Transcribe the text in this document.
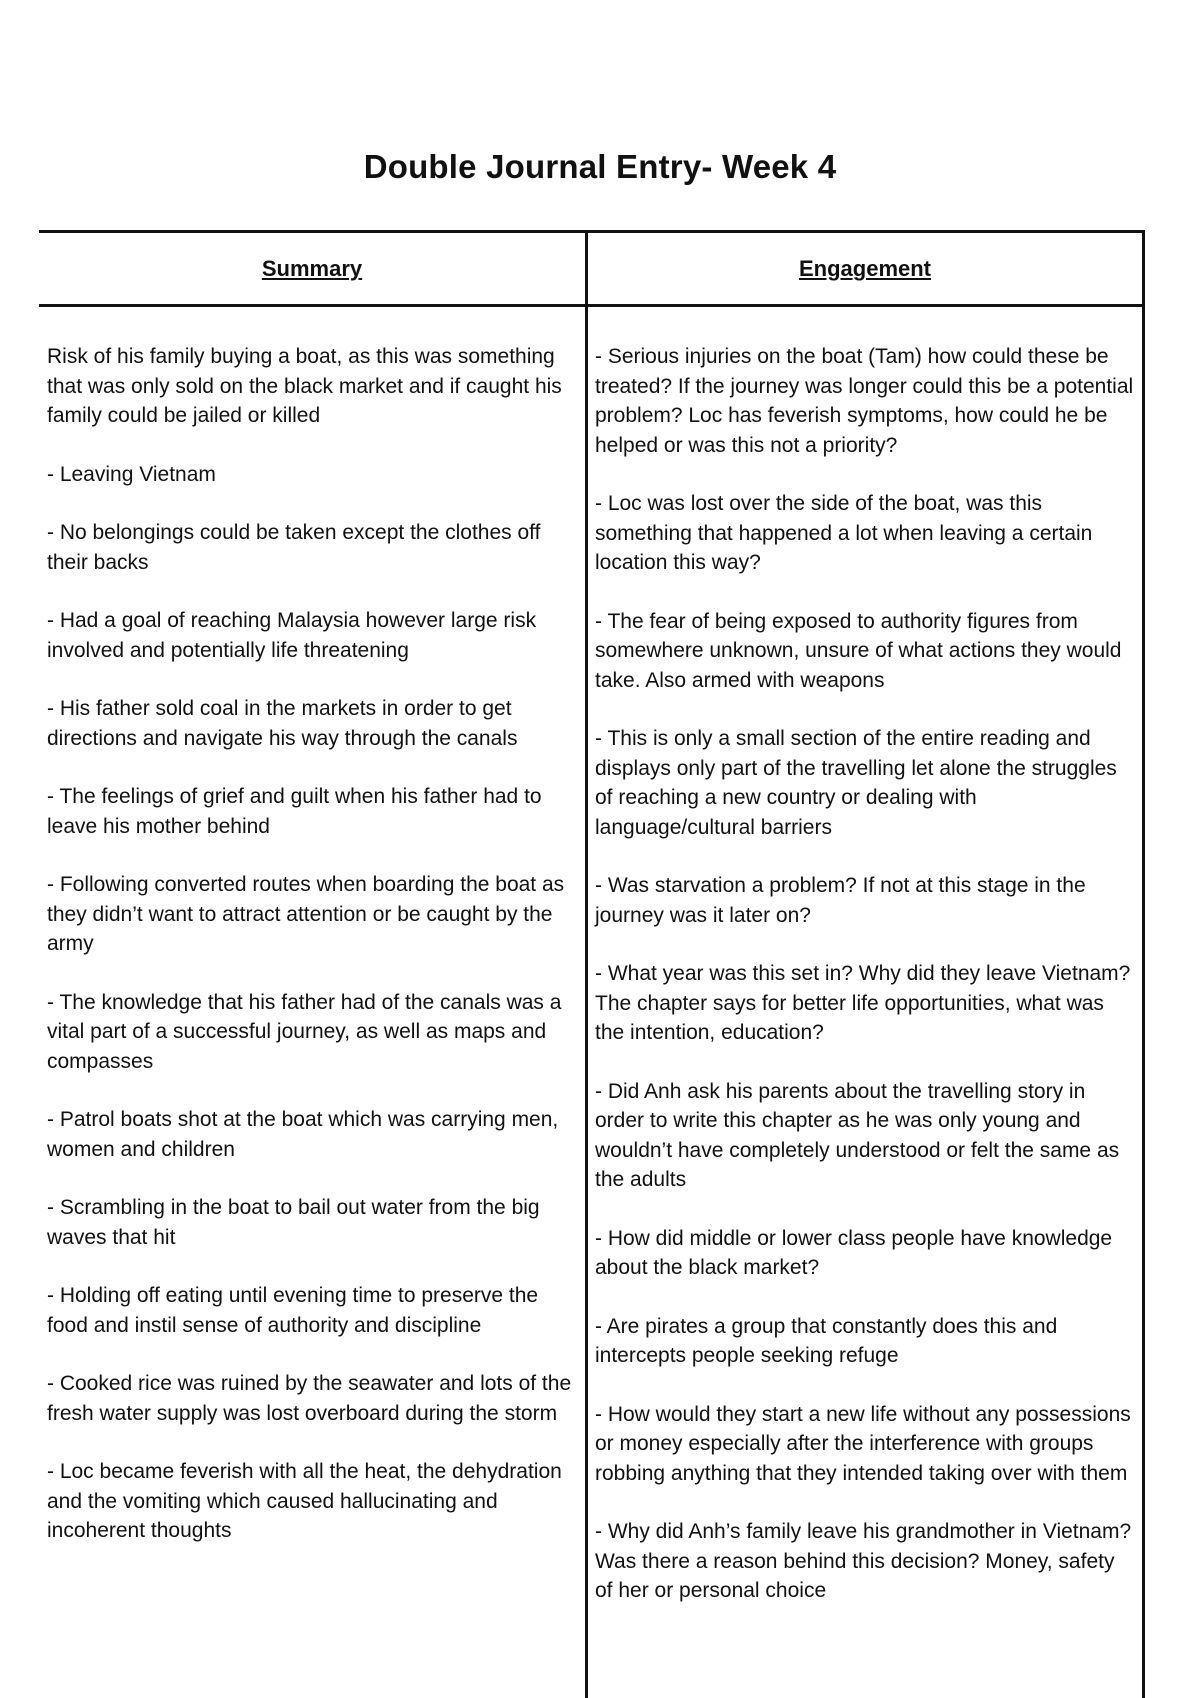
Double Journal Entry- Week 4
Summary	Engagement

Risk of his family buying a boat, as this was something that was only sold on the black market and if caught his family could be jailed or killed

- Leaving Vietnam

- No belongings could be taken except the clothes off their backs

- Had a goal of reaching Malaysia however large risk involved and potentially life threatening

- His father sold coal in the markets in order to get directions and navigate his way through the canals

- The feelings of grief and guilt when his father had to leave his mother behind

- Following converted routes when boarding the boat as they didn’t want to attract attention or be caught by the army

- The knowledge that his father had of the canals was a vital part of a successful journey, as well as maps and compasses

- Patrol boats shot at the boat which was carrying men, women and children

- Scrambling in the boat to bail out water from the big waves that hit

- Holding off eating until evening time to preserve the food and instil sense of authority and discipline

- Cooked rice was ruined by the seawater and lots of the fresh water supply was lost overboard during the storm

- Loc became feverish with all the heat, the dehydration and the vomiting which caused hallucinating and incoherent thoughts

- Serious injuries on the boat (Tam) how could these be treated? If the journey was longer could this be a potential problem? Loc has feverish symptoms, how could he be helped or was this not a priority?

- Loc was lost over the side of the boat, was this something that happened a lot when leaving a certain location this way?

- The fear of being exposed to authority figures from somewhere unknown, unsure of what actions they would take. Also armed with weapons

- This is only a small section of the entire reading and displays only part of the travelling let alone the struggles of reaching a new country or dealing with language/cultural barriers

- Was starvation a problem? If not at this stage in the journey was it later on?

- What year was this set in? Why did they leave Vietnam? The chapter says for better life opportunities, what was the intention, education?

- Did Anh ask his parents about the travelling story in order to write this chapter as he was only young and wouldn’t have completely understood or felt the same as the adults

- How did middle or lower class people have knowledge about the black market?

- Are pirates a group that constantly does this and intercepts people seeking refuge

- How would they start a new life without any possessions or money especially after the interference with groups robbing anything that they intended taking over with them

- Why did Anh’s family leave his grandmother in Vietnam? Was there a reason behind this decision? Money, safety of her or personal choice
